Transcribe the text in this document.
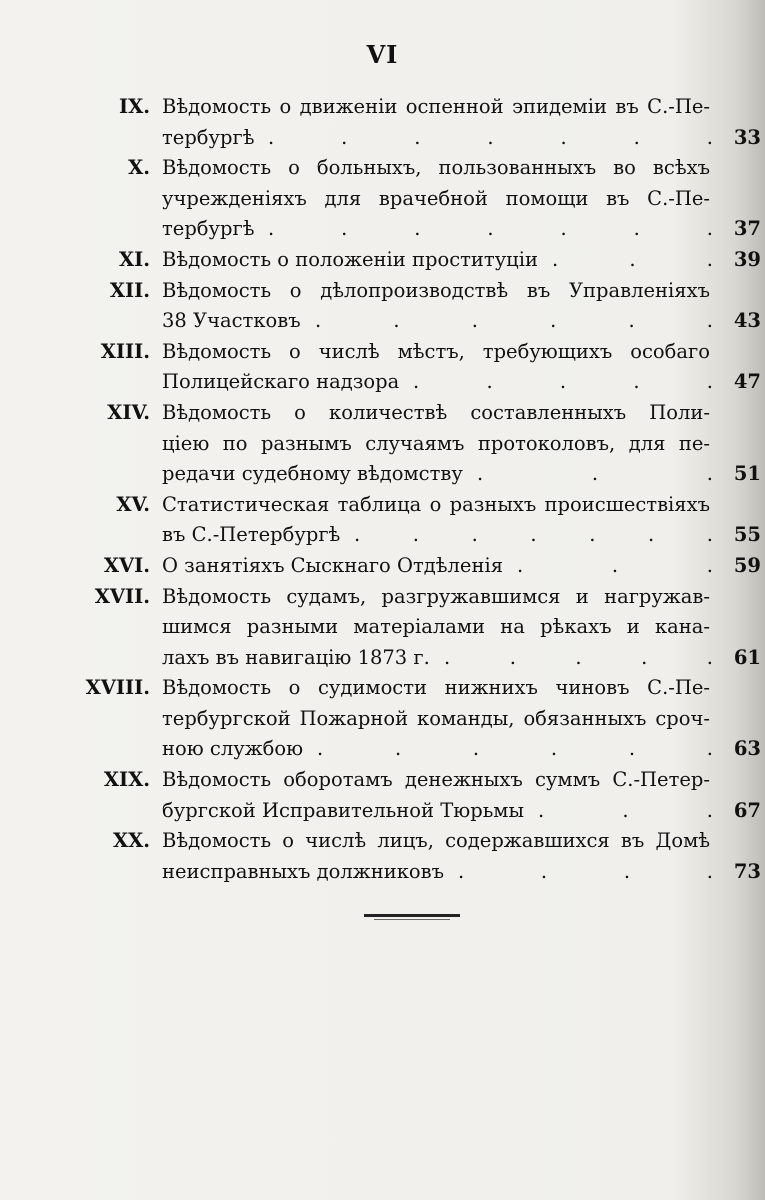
VI
IX. Вѣдомость о движеніи оспенной эпидеміи въ С.-Пе-
тербургѣ . . . . . . .	33
X. Вѣдомость о больныхъ, пользованныхъ во всѣхъ
учрежденіяхъ для врачебной помощи въ С.-Пе-
тербургѣ . . . . . . .	37
XI. Вѣдомость о положеніи проституціи . . .	39
XII. Вѣдомость о дѣлопроизводствѣ въ Управленіяхъ
38 Участковъ . . . . . .	43
XIII. Вѣдомость о числѣ мѣстъ, требующихъ особаго
Полицейскаго надзора . . . . .	47
XIV. Вѣдомость о количествѣ составленныхъ Поли-
ціею по разнымъ случаямъ протоколовъ, для пе-
редачи судебному вѣдомству . . .	51
XV. Статистическая таблица о разныхъ происшествіяхъ
въ С.-Петербургѣ . . . . . . .	55
XVI. О занятіяхъ Сыскнаго Отдѣленія . . .	59
XVII. Вѣдомость судамъ, разгружавшимся и нагружав-
шимся разными матеріалами на рѣкахъ и кана-
лахъ въ навигацію 1873 г. . . . . .	61
XVIII. Вѣдомость о судимости нижнихъ чиновъ С.-Пе-
тербургской Пожарной команды, обязанныхъ сроч-
ною службою . . . . . .	63
XIX. Вѣдомость оборотамъ денежныхъ суммъ С.-Петер-
бургской Исправительной Тюрьмы . . .	67
XX. Вѣдомость о числѣ лицъ, содержавшихся въ Домѣ
неисправныхъ должниковъ . . . .	73
